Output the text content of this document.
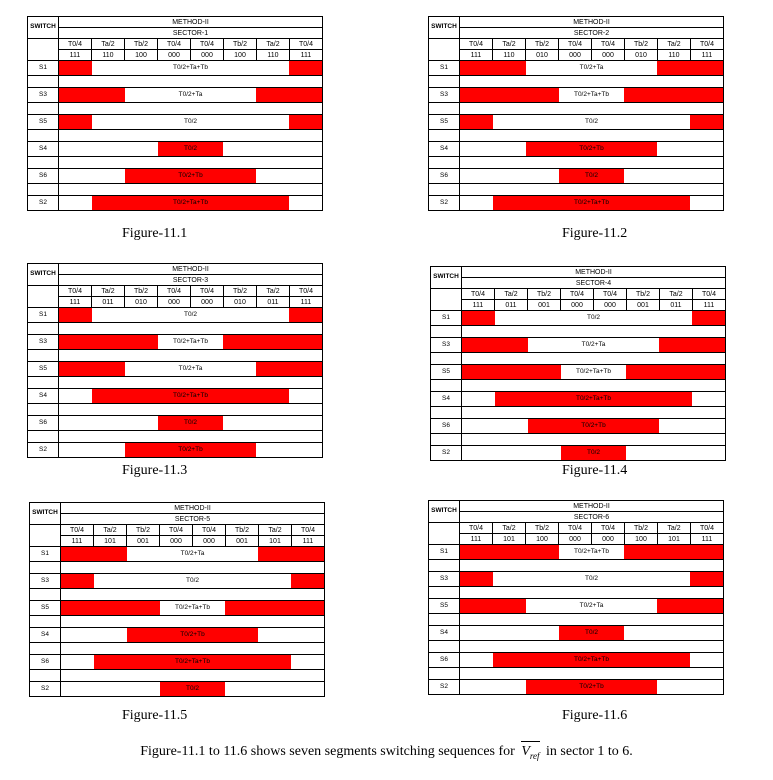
SWITCH	METHOD-II							
	SECTOR-1							
	T0/4	Ta/2	Tb/2	T0/4	T0/4	Tb/2	Ta/2	T0/4
	111	110	100	000	000	100	110	111
S1	T0/2+Ta+Tb							

S3	T0/2+Ta							

S5	T0/2							

S4	T0/2							

S6	T0/2+Tb							

S2	T0/2+Ta+Tb							
Figure-11.1
SWITCH	METHOD-II							
	SECTOR-2							
	T0/4	Ta/2	Tb/2	T0/4	T0/4	Tb/2	Ta/2	T0/4
	111	110	010	000	000	010	110	111
S1	T0/2+Ta							

S3	T0/2+Ta+Tb							

S5	T0/2							

S4	T0/2+Tb							

S6	T0/2							

S2	T0/2+Ta+Tb							
Figure-11.2
SWITCH	METHOD-II							
	SECTOR-3							
	T0/4	Ta/2	Tb/2	T0/4	T0/4	Tb/2	Ta/2	T0/4
	111	011	010	000	000	010	011	111
S1	T0/2							

S3	T0/2+Ta+Tb							

S5	T0/2+Ta							

S4	T0/2+Ta+Tb							

S6	T0/2							

S2	T0/2+Tb							
Figure-11.3
SWITCH	METHOD-II							
	SECTOR-4							
	T0/4	Ta/2	Tb/2	T0/4	T0/4	Tb/2	Ta/2	T0/4
	111	011	001	000	000	001	011	111
S1	T0/2							

S3	T0/2+Ta							

S5	T0/2+Ta+Tb							

S4	T0/2+Ta+Tb							

S6	T0/2+Tb							

S2	T0/2							
Figure-11.4
SWITCH	METHOD-II							
	SECTOR-5							
	T0/4	Ta/2	Tb/2	T0/4	T0/4	Tb/2	Ta/2	T0/4
	111	101	001	000	000	001	101	111
S1	T0/2+Ta							

S3	T0/2							

S5	T0/2+Ta+Tb							

S4	T0/2+Tb							

S6	T0/2+Ta+Tb							

S2	T0/2							
Figure-11.5
SWITCH	METHOD-II							
	SECTOR-6							
	T0/4	Ta/2	Tb/2	T0/4	T0/4	Tb/2	Ta/2	T0/4
	111	101	100	000	000	100	101	111
S1	T0/2+Ta+Tb							

S3	T0/2							

S5	T0/2+Ta							

S4	T0/2							

S6	T0/2+Ta+Tb							

S2	T0/2+Tb							
Figure-11.6
Figure-11.1 to 11.6 shows seven segments switching sequences for $V_{ref}$ in sector 1 to 6.
